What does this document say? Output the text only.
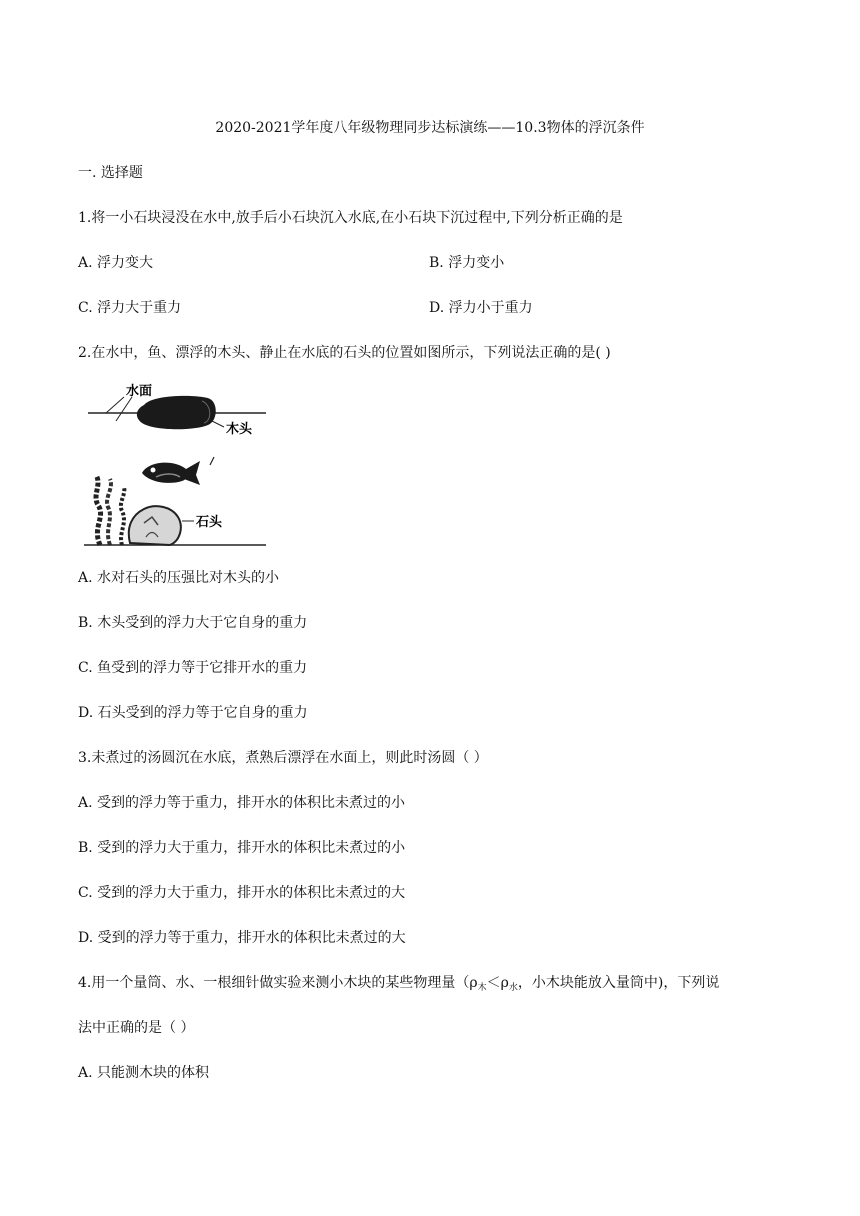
2020-2021学年度八年级物理同步达标演练——10.3物体的浮沉条件
一. 选择题
1.将一小石块浸没在水中,放手后小石块沉入水底,在小石块下沉过程中,下列分析正确的是
A. 浮力变大	B. 浮力变小
C. 浮力大于重力	D. 浮力小于重力
2.在水中，鱼、漂浮的木头、静止在水底的石头的位置如图所示，下列说法正确的是( )
水面
木头
石头
A. 水对石头的压强比对木头的小
B. 木头受到的浮力大于它自身的重力
C. 鱼受到的浮力等于它排开水的重力
D. 石头受到的浮力等于它自身的重力
3.未煮过的汤圆沉在水底，煮熟后漂浮在水面上，则此时汤圆（ ）
A. 受到的浮力等于重力，排开水的体积比未煮过的小
B. 受到的浮力大于重力，排开水的体积比未煮过的小
C. 受到的浮力大于重力，排开水的体积比未煮过的大
D. 受到的浮力等于重力，排开水的体积比未煮过的大
4.用一个量筒、水、一根细针做实验来测小木块的某些物理量（$\rho_木<\rho_水$，小木块能放入量筒中)，下列说
法中正确的是（ ）
A. 只能测木块的体积
